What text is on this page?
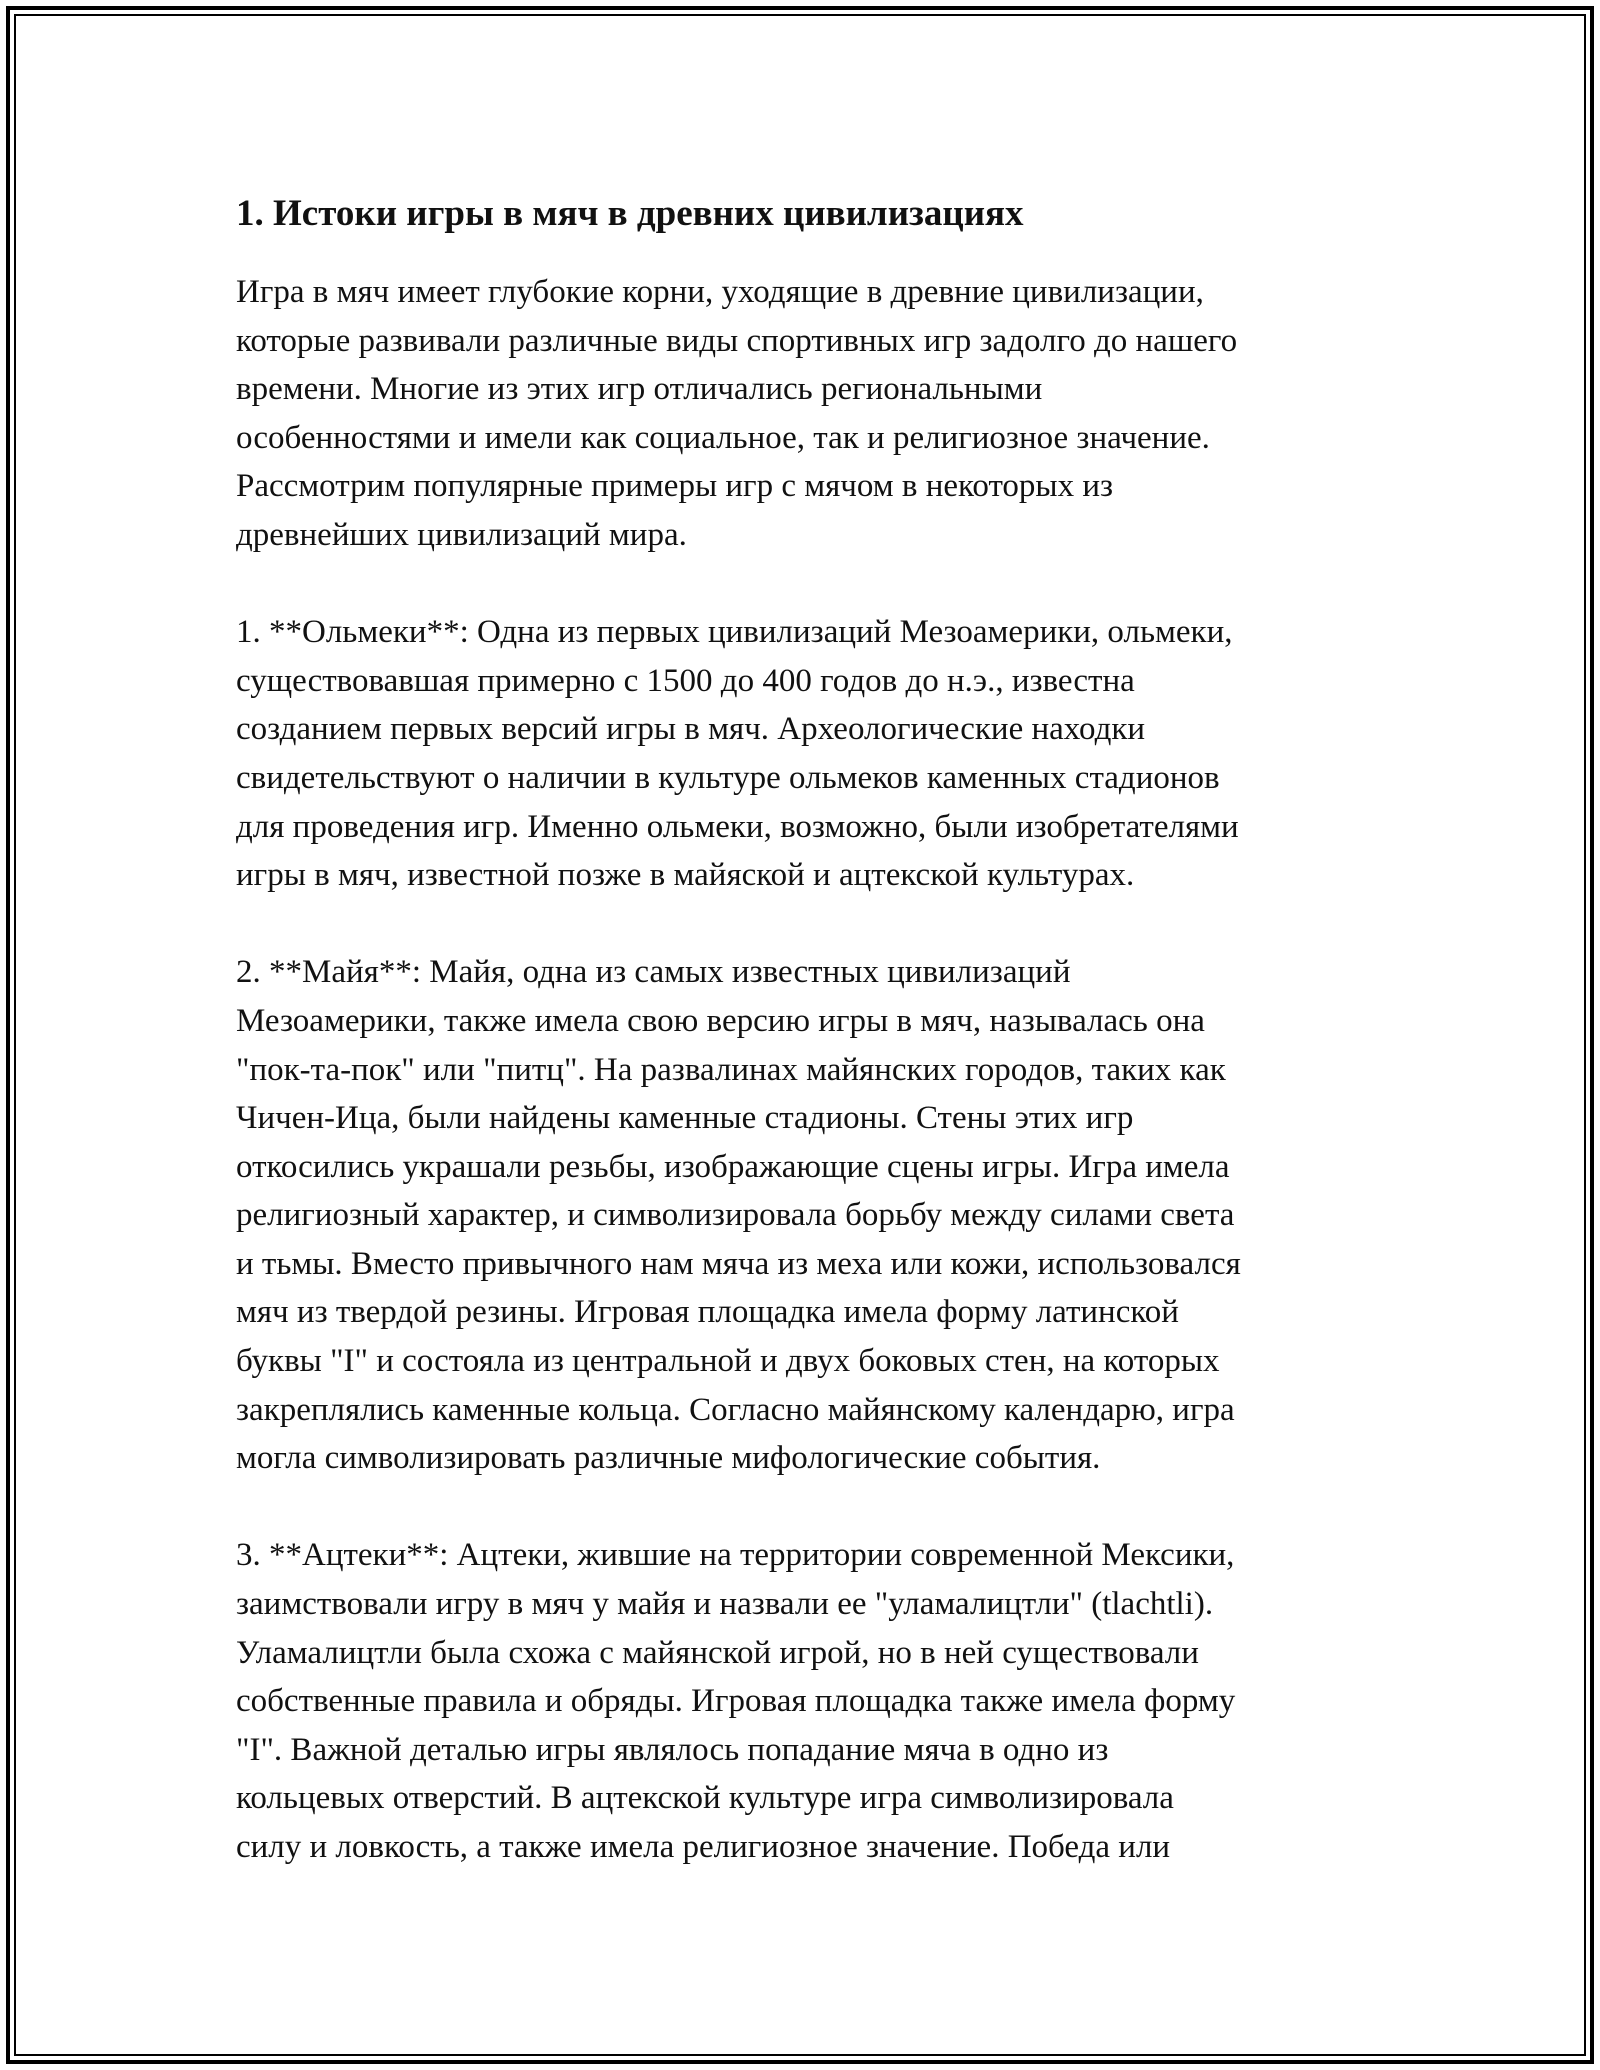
1. Истоки игры в мяч в древних цивилизациях
Игра в мяч имеет глубокие корни, уходящие в древние цивилизации,
которые развивали различные виды спортивных игр задолго до нашего
времени. Многие из этих игр отличались региональными
особенностями и имели как социальное, так и религиозное значение.
Рассмотрим популярные примеры игр с мячом в некоторых из
древнейших цивилизаций мира.
1. **Ольмеки**: Одна из первых цивилизаций Мезоамерики, ольмеки,
существовавшая примерно с 1500 до 400 годов до н.э., известна
созданием первых версий игры в мяч. Археологические находки
свидетельствуют о наличии в культуре ольмеков каменных стадионов
для проведения игр. Именно ольмеки, возможно, были изобретателями
игры в мяч, известной позже в майяской и ацтекской культурах.
2. **Майя**: Майя, одна из самых известных цивилизаций
Мезоамерики, также имела свою версию игры в мяч, называлась она
"пок-та-пок" или "питц". На развалинах майянских городов, таких как
Чичен-Ица, были найдены каменные стадионы. Стены этих игр
откосились украшали резьбы, изображающие сцены игры. Игра имела
религиозный характер, и символизировала борьбу между силами света
и тьмы. Вместо привычного нам мяча из меха или кожи, использовался
мяч из твердой резины. Игровая площадка имела форму латинской
буквы "I" и состояла из центральной и двух боковых стен, на которых
закреплялись каменные кольца. Согласно майянскому календарю, игра
могла символизировать различные мифологические события.
3. **Ацтеки**: Ацтеки, жившие на территории современной Мексики,
заимствовали игру в мяч у майя и назвали ее "уламалицтли" (tlachtli).
Уламалицтли была схожа с майянской игрой, но в ней существовали
собственные правила и обряды. Игровая площадка также имела форму
"I". Важной деталью игры являлось попадание мяча в одно из
кольцевых отверстий. В ацтекской культуре игра символизировала
силу и ловкость, а также имела религиозное значение. Победа или
